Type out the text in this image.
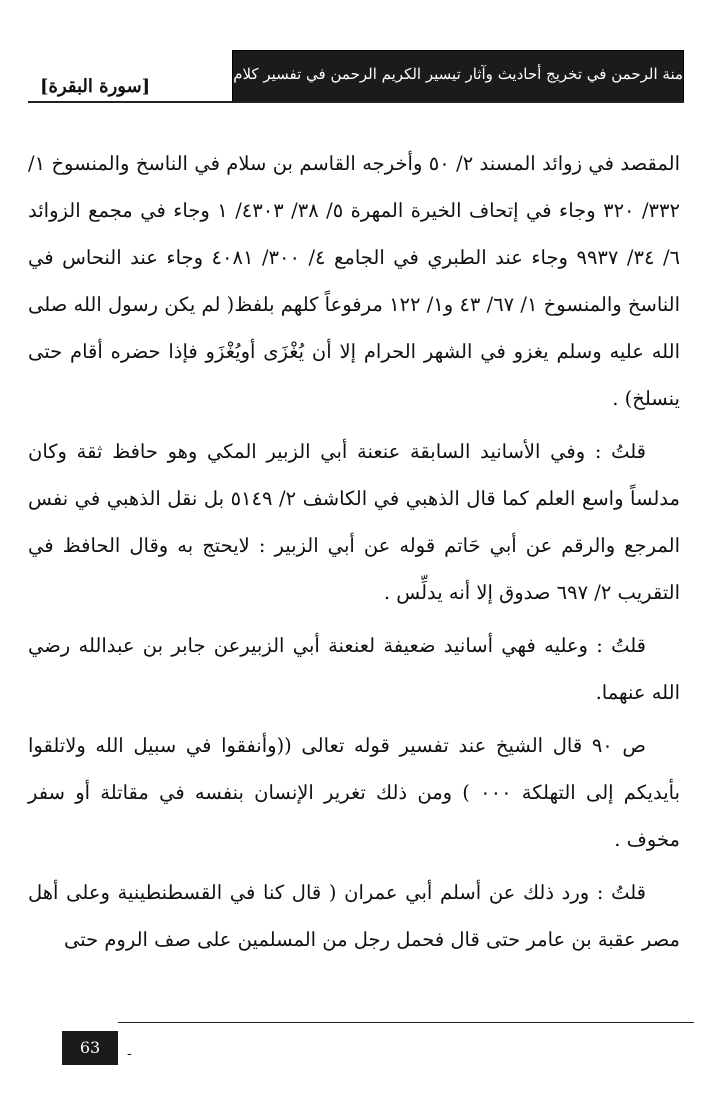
منة الرحمن في تخريج أحاديث وآثار تيسير الكريم الرحمن في تفسير كلام المنان
[سورة البقرة]

المقصد في زوائد المسند ٢/ ٥٠ وأخرجه القاسم بن سلام في الناسخ والمنسوخ ١/ ٣٣٢/ ٣٢٠ وجاء في إتحاف الخيرة المهرة ٥/ ٣٨/ ٤٣٠٣/ ١ وجاء في مجمع الزوائد ٦/ ٣٤/ ٩٩٣٧ وجاء عند الطبري في الجامع ٤/ ٣٠٠/ ٤٠٨١ وجاء عند النحاس في الناسخ والمنسوخ ١/ ٦٧/ ٤٣ و١/ ١٢٢ مرفوعاً كلهم بلفظ( لم يكن رسول الله صلى الله عليه وسلم يغزو في الشهر الحرام إلا أن يُغْزَى أويُغْزَو فإذا حضره أقام حتى ينسلخ) .

قلتُ : وفي الأسانيد السابقة عنعنة أبي الزبير المكي وهو حافظ ثقة وكان مدلساً واسع العلم كما قال الذهبي في الكاشف ٢/ ٥١٤٩ بل نقل الذهبي في نفس المرجع والرقم عن أبي حَاتم قوله عن أبي الزبير : لايحتج به وقال الحافظ في التقريب ٢/ ٦٩٧ صدوق إلا أنه يدلِّس .

قلتُ : وعليه فهي أسانيد ضعيفة لعنعنة أبي الزبيرعن جابر بن عبدالله رضي الله عنهما.

ص ٩٠ قال الشيخ عند تفسير قوله تعالى ((وأنفقوا في سبيل الله ولاتلقوا بأيديكم إلى التهلكة ٠٠٠ ) ومن ذلك تغرير الإنسان بنفسه في مقاتلة أو سفر مخوف .

قلتُ : ورد ذلك عن أسلم أبي عمران ( قال كنا في القسطنطينية وعلى أهل مصر عقبة بن عامر حتى قال فحمل رجل من المسلمين على صف الروم حتى

63	-
